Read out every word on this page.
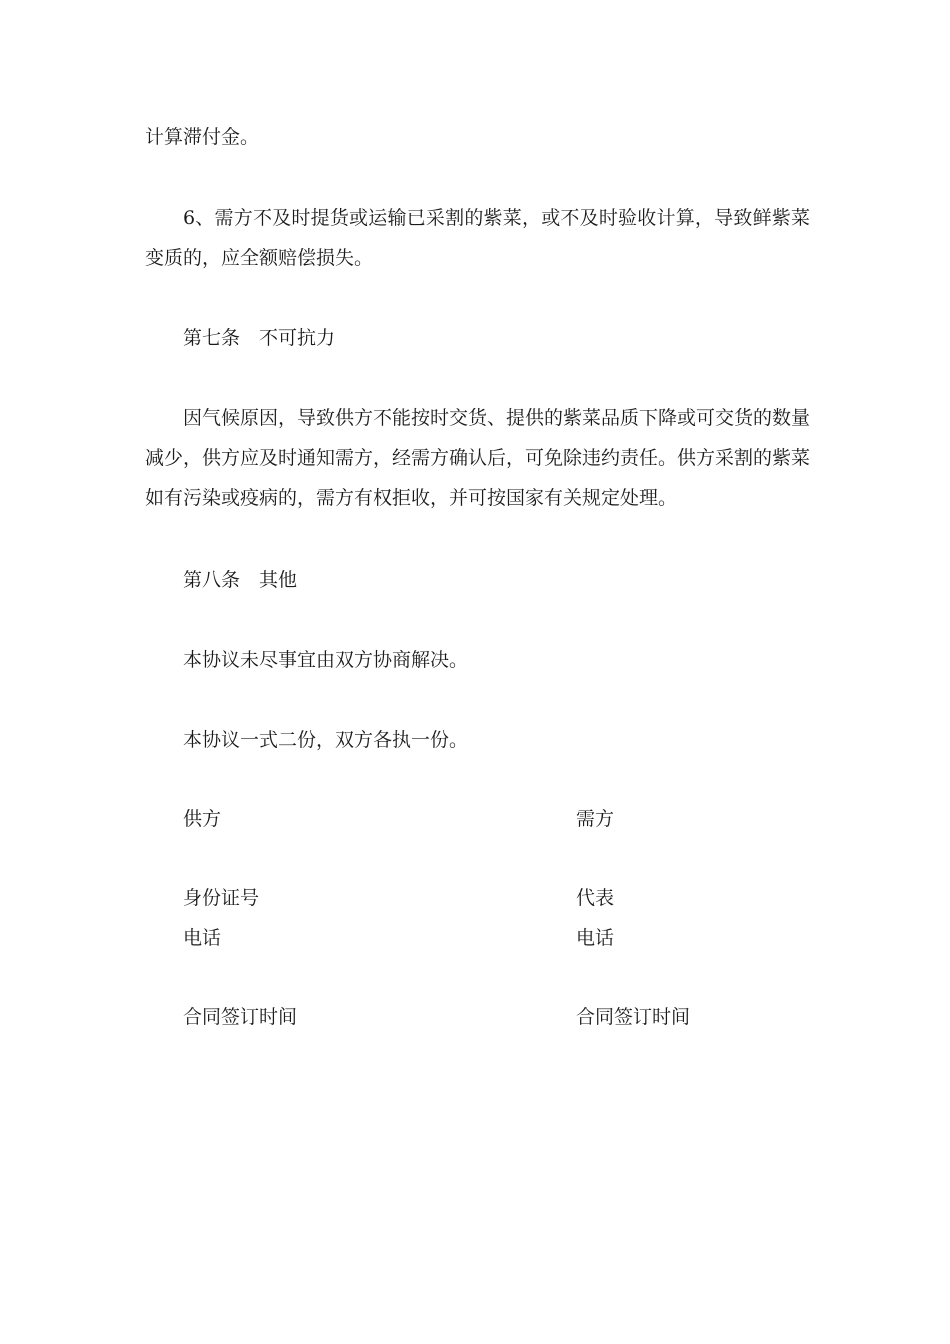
计算滞付金。
6、需方不及时提货或运输已采割的紫菜，或不及时验收计算，导致鲜紫菜变质的，应全额赔偿损失。
第七条　不可抗力
因气候原因，导致供方不能按时交货、提供的紫菜品质下降或可交货的数量减少，供方应及时通知需方，经需方确认后，可免除违约责任。供方采割的紫菜如有污染或疫病的，需方有权拒收，并可按国家有关规定处理。
第八条　其他
本协议未尽事宜由双方协商解决。
本协议一式二份，双方各执一份。
供方	需方
身份证号	代表
电话	电话
合同签订时间	合同签订时间
